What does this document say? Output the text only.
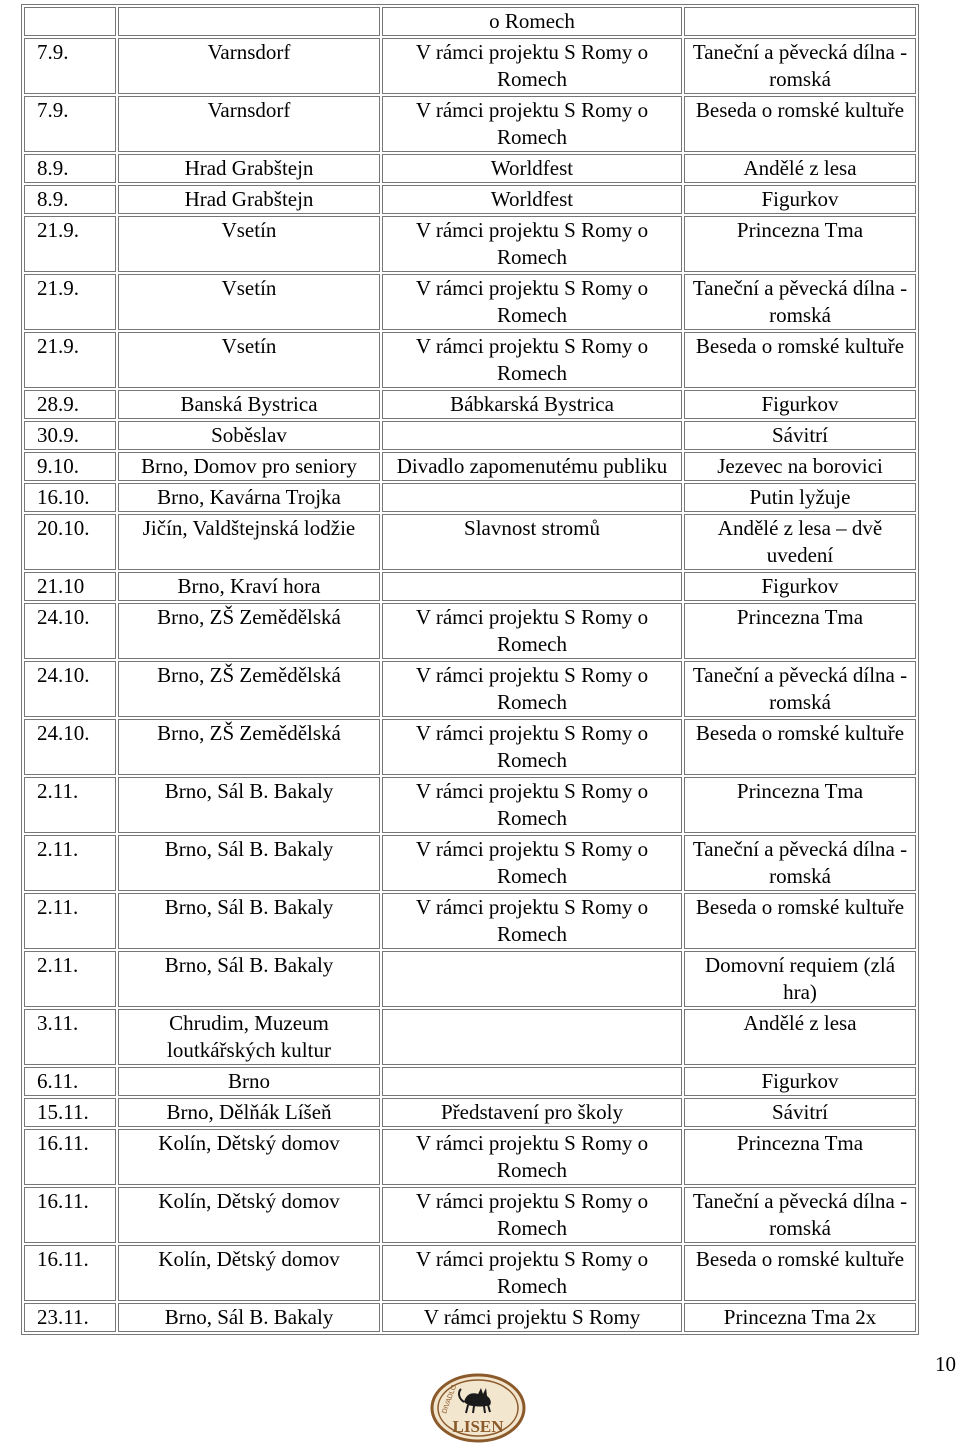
		o Romech	
7.9.	Varnsdorf	V rámci projektu S Romy o Romech	Taneční a pěvecká dílna - romská
7.9.	Varnsdorf	V rámci projektu S Romy o Romech	Beseda o romské kultuře
8.9.	Hrad Grabštejn	Worldfest	Andělé z lesa
8.9.	Hrad Grabštejn	Worldfest	Figurkov
21.9.	Vsetín	V rámci projektu S Romy o Romech	Princezna Tma
21.9.	Vsetín	V rámci projektu S Romy o Romech	Taneční a pěvecká dílna - romská
21.9.	Vsetín	V rámci projektu S Romy o Romech	Beseda o romské kultuře
28.9.	Banská Bystrica	Bábkarská Bystrica	Figurkov
30.9.	Soběslav		Sávitrí
9.10.	Brno, Domov pro seniory	Divadlo zapomenutému publiku	Jezevec na borovici
16.10.	Brno, Kavárna Trojka		Putin lyžuje
20.10.	Jičín, Valdštejnská lodžie	Slavnost stromů	Andělé z lesa – dvě uvedení
21.10	Brno, Kraví hora		Figurkov
24.10.	Brno, ZŠ Zemědělská	V rámci projektu S Romy o Romech	Princezna Tma
24.10.	Brno, ZŠ Zemědělská	V rámci projektu S Romy o Romech	Taneční a pěvecká dílna - romská
24.10.	Brno, ZŠ Zemědělská	V rámci projektu S Romy o Romech	Beseda o romské kultuře
2.11.	Brno, Sál B. Bakaly	V rámci projektu S Romy o Romech	Princezna Tma
2.11.	Brno, Sál B. Bakaly	V rámci projektu S Romy o Romech	Taneční a pěvecká dílna - romská
2.11.	Brno, Sál B. Bakaly	V rámci projektu S Romy o Romech	Beseda o romské kultuře
2.11.	Brno, Sál B. Bakaly		Domovní requiem (zlá hra)
3.11.	Chrudim, Muzeum loutkářských kultur		Andělé z lesa
6.11.	Brno		Figurkov
15.11.	Brno, Dělňák Líšeň	Představení pro školy	Sávitrí
16.11.	Kolín, Dětský domov	V rámci projektu S Romy o Romech	Princezna Tma
16.11.	Kolín, Dětský domov	V rámci projektu S Romy o Romech	Taneční a pěvecká dílna - romská
16.11.	Kolín, Dětský domov	V rámci projektu S Romy o Romech	Beseda o romské kultuře
23.11.	Brno, Sál B. Bakaly	V rámci projektu S Romy	Princezna Tma 2x
10
LISEN
DIVADLO
